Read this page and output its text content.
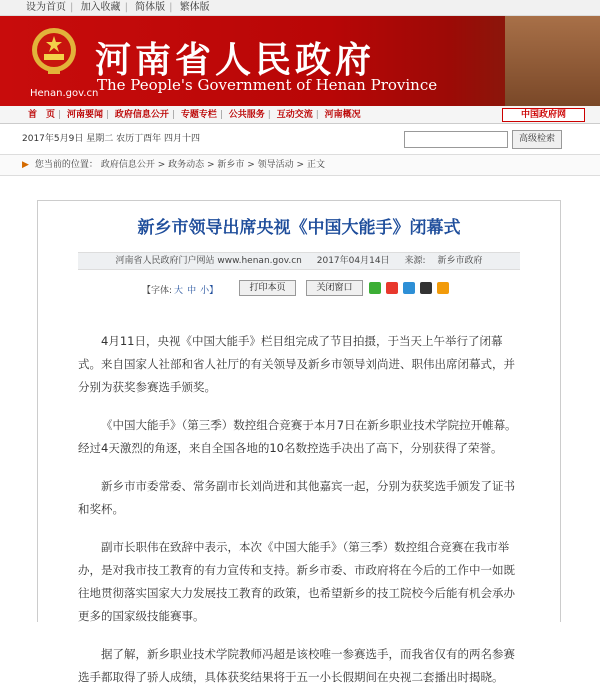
设为首页 | 加入收藏 | 简体版 | 繁体版
Henan.gov.cn
河南省人民政府
The People's Government of Henan Province
首　页 | 河南要闻 | 政府信息公开 | 专题专栏 | 公共服务 | 互动交流 | 河南概况	中国政府网
2017年5月9日 星期二 农历丁酉年 四月十四	高级检索
▶ 您当前的位置： 政府信息公开 > 政务动态 > 新乡市 > 领导活动 > 正文
新乡市领导出席央视《中国大能手》闭幕式
河南省人民政府门户网站 www.henan.gov.cn 2017年04月14日 来源: 新乡市政府
【字体: 大 中 小】	打印本页	关闭窗口

4月11日，央视《中国大能手》栏目组完成了节目拍摄，于当天上午举行了闭幕式。来自国家人社部和省人社厅的有关领导及新乡市领导刘尚进、职伟出席闭幕式，并分别为获奖参赛选手颁奖。

《中国大能手》（第三季）数控组合竞赛于本月7日在新乡职业技术学院拉开帷幕。经过4天激烈的角逐，来自全国各地的10名数控选手决出了高下，分别获得了荣誉。

新乡市市委常委、常务副市长刘尚进和其他嘉宾一起，分别为获奖选手颁发了证书和奖杯。

副市长职伟在致辞中表示，本次《中国大能手》（第三季）数控组合竞赛在我市举办，是对我市技工教育的有力宣传和支持。新乡市委、市政府将在今后的工作中一如既往地贯彻落实国家大力发展技工教育的政策，也希望新乡的技工院校今后能有机会承办更多的国家级技能赛事。

据了解，新乡职业技术学院教师冯超是该校唯一参赛选手，而我省仅有的两名参赛选手都取得了骄人成绩，具体获奖结果将于五一小长假期间在央视二套播出时揭晓。
